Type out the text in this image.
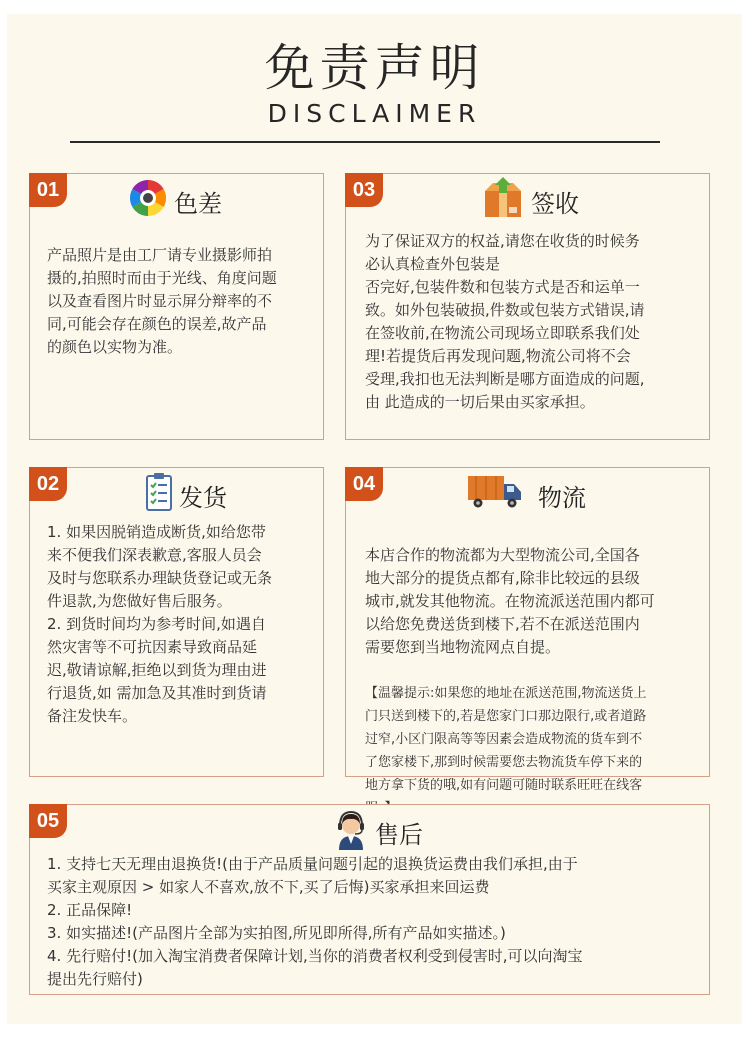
免责声明
DISCLAIMER
01	色差
产品照片是由工厂请专业摄影师拍
摄的,拍照时而由于光线、角度问题
以及查看图片时显示屏分辩率的不
同,可能会存在颜色的误差,故产品
的颜色以实物为准。
03	签收
为了保证双方的权益,请您在收货的时候务
必认真检查外包装是
否完好,包装件数和包装方式是否和运单一
致。如外包装破损,件数或包装方式错误,请
在签收前,在物流公司现场立即联系我们处
理!若提货后再发现问题,物流公司将不会
受理,我扣也无法判断是哪方面造成的问题,
由 此造成的一切后果由买家承担。
02	发货
1. 如果因脱销造成断货,如给您带
来不便我们深表歉意,客服人员会
及时与您联系办理缺货登记或无条
件退款,为您做好售后服务。
2. 到货时间均为参考时间,如遇自
然灾害等不可抗因素导致商品延
迟,敬请谅解,拒绝以到货为理由进
行退货,如 需加急及其准时到货请
备注发快车。
04	物流

本店合作的物流都为大型物流公司,全国各
地大部分的提货点都有,除非比较远的县级
城市,就发其他物流。在物流派送范围内都可
以给您免费送货到楼下,若不在派送范围内
需要您到当地物流网点自提。

【温馨提示:如果您的地址在派送范围,物流送货上
门只送到楼下的,若是您家门口那边限行,或者道路
过窄,小区门限高等等因素会造成物流的货车到不
了您家楼下,那到时候需要您去物流货车停下来的
地方拿下货的哦,如有问题可随时联系旺旺在线客

05	售后
1. 支持七天无理由退换货!(由于产品质量问题引起的退换货运费由我们承担,由于
买家主观原因 > 如家人不喜欢,放不下,买了后悔)买家承担来回运费
2. 正品保障!
3. 如实描述!(产品图片全部为实拍图,所见即所得,所有产品如实描述。)
4. 先行赔付!(加入淘宝消费者保障计划,当你的消费者权利受到侵害时,可以向淘宝
提出先行赔付)
